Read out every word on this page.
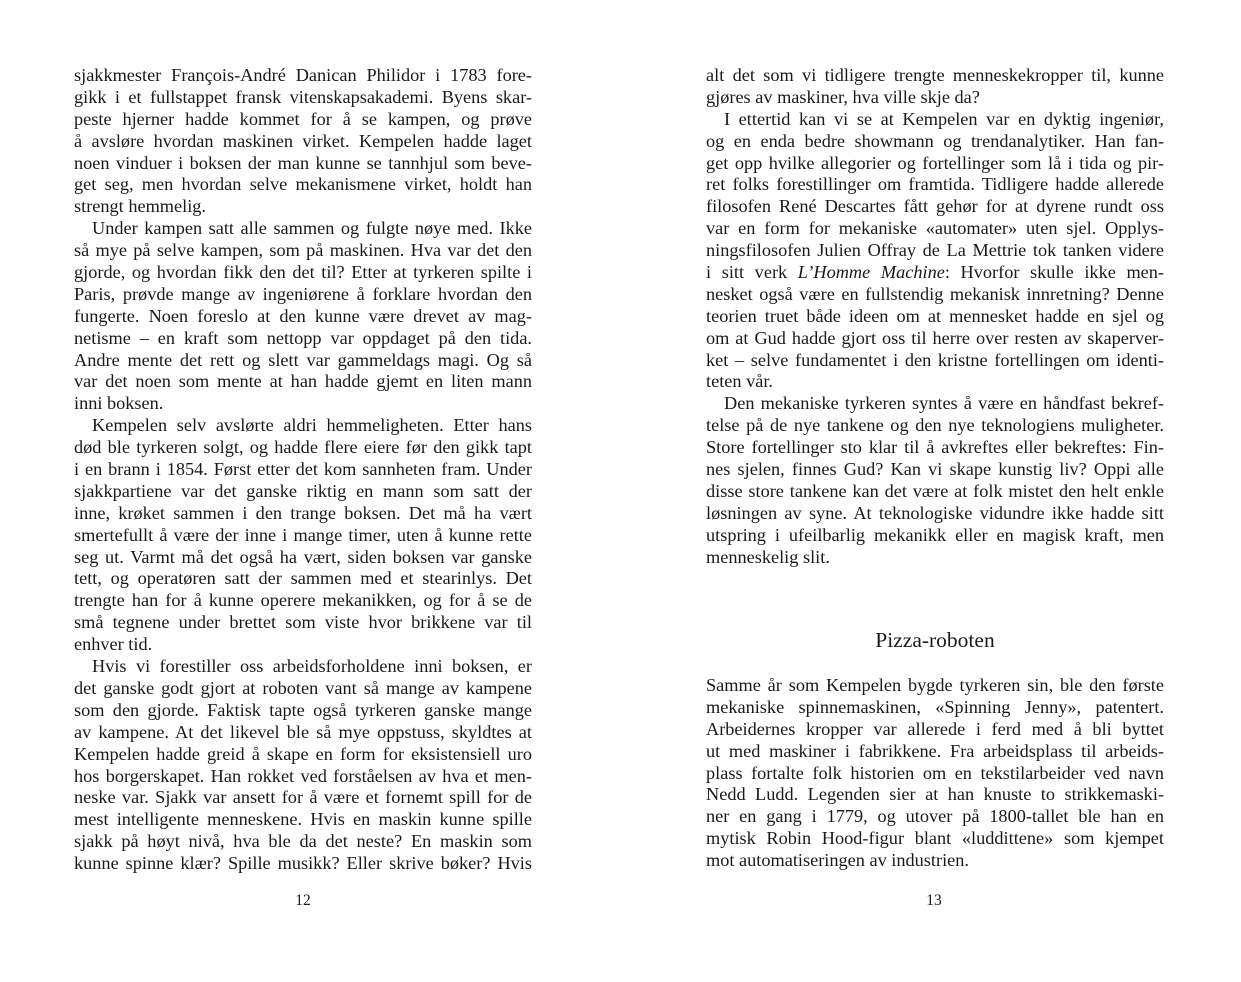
sjakkmester François-André Danican Philidor i 1783 fore-
gikk i et fullstappet fransk vitenskapsakademi. Byens skar-
peste hjerner hadde kommet for å se kampen, og prøve
å avsløre hvordan maskinen virket. Kempelen hadde laget
noen vinduer i boksen der man kunne se tannhjul som beve-
get seg, men hvordan selve mekanismene virket, holdt han
strengt hemmelig.
Under kampen satt alle sammen og fulgte nøye med. Ikke
så mye på selve kampen, som på maskinen. Hva var det den
gjorde, og hvordan fikk den det til? Etter at tyrkeren spilte i
Paris, prøvde mange av ingeniørene å forklare hvordan den
fungerte. Noen foreslo at den kunne være drevet av mag-
netisme – en kraft som nettopp var oppdaget på den tida.
Andre mente det rett og slett var gammeldags magi. Og så
var det noen som mente at han hadde gjemt en liten mann
inni boksen.
Kempelen selv avslørte aldri hemmeligheten. Etter hans
død ble tyrkeren solgt, og hadde flere eiere før den gikk tapt
i en brann i 1854. Først etter det kom sannheten fram. Under
sjakkpartiene var det ganske riktig en mann som satt der
inne, krøket sammen i den trange boksen. Det må ha vært
smertefullt å være der inne i mange timer, uten å kunne rette
seg ut. Varmt må det også ha vært, siden boksen var ganske
tett, og operatøren satt der sammen med et stearinlys. Det
trengte han for å kunne operere mekanikken, og for å se de
små tegnene under brettet som viste hvor brikkene var til
enhver tid.
Hvis vi forestiller oss arbeidsforholdene inni boksen, er
det ganske godt gjort at roboten vant så mange av kampene
som den gjorde. Faktisk tapte også tyrkeren ganske mange
av kampene. At det likevel ble så mye oppstuss, skyldtes at
Kempelen hadde greid å skape en form for eksistensiell uro
hos borgerskapet. Han rokket ved forståelsen av hva et men-
neske var. Sjakk var ansett for å være et fornemt spill for de
mest intelligente menneskene. Hvis en maskin kunne spille
sjakk på høyt nivå, hva ble da det neste? En maskin som
kunne spinne klær? Spille musikk? Eller skrive bøker? Hvis
12
alt det som vi tidligere trengte menneskekropper til, kunne
gjøres av maskiner, hva ville skje da?
I ettertid kan vi se at Kempelen var en dyktig ingeniør,
og en enda bedre showmann og trendanalytiker. Han fan-
get opp hvilke allegorier og fortellinger som lå i tida og pir-
ret folks forestillinger om framtida. Tidligere hadde allerede
filosofen René Descartes fått gehør for at dyrene rundt oss
var en form for mekaniske «automater» uten sjel. Opplys-
ningsfilosofen Julien Offray de La Mettrie tok tanken videre
i sitt verk L’Homme Machine: Hvorfor skulle ikke men-
nesket også være en fullstendig mekanisk innretning? Denne
teorien truet både ideen om at mennesket hadde en sjel og
om at Gud hadde gjort oss til herre over resten av skaperver-
ket – selve fundamentet i den kristne fortellingen om identi-
teten vår.
Den mekaniske tyrkeren syntes å være en håndfast bekref-
telse på de nye tankene og den nye teknologiens muligheter.
Store fortellinger sto klar til å avkreftes eller bekreftes: Fin-
nes sjelen, finnes Gud? Kan vi skape kunstig liv? Oppi alle
disse store tankene kan det være at folk mistet den helt enkle
løsningen av syne. At teknologiske vidundre ikke hadde sitt
utspring i ufeilbarlig mekanikk eller en magisk kraft, men
menneskelig slit.
Pizza-roboten
Samme år som Kempelen bygde tyrkeren sin, ble den første
mekaniske spinnemaskinen, «Spinning Jenny», patentert.
Arbeidernes kropper var allerede i ferd med å bli byttet
ut med maskiner i fabrikkene. Fra arbeidsplass til arbeids-
plass fortalte folk historien om en tekstilarbeider ved navn
Nedd Ludd. Legenden sier at han knuste to strikkemaski-
ner en gang i 1779, og utover på 1800-tallet ble han en
mytisk Robin Hood-figur blant «luddittene» som kjempet
mot automatiseringen av industrien.
13
